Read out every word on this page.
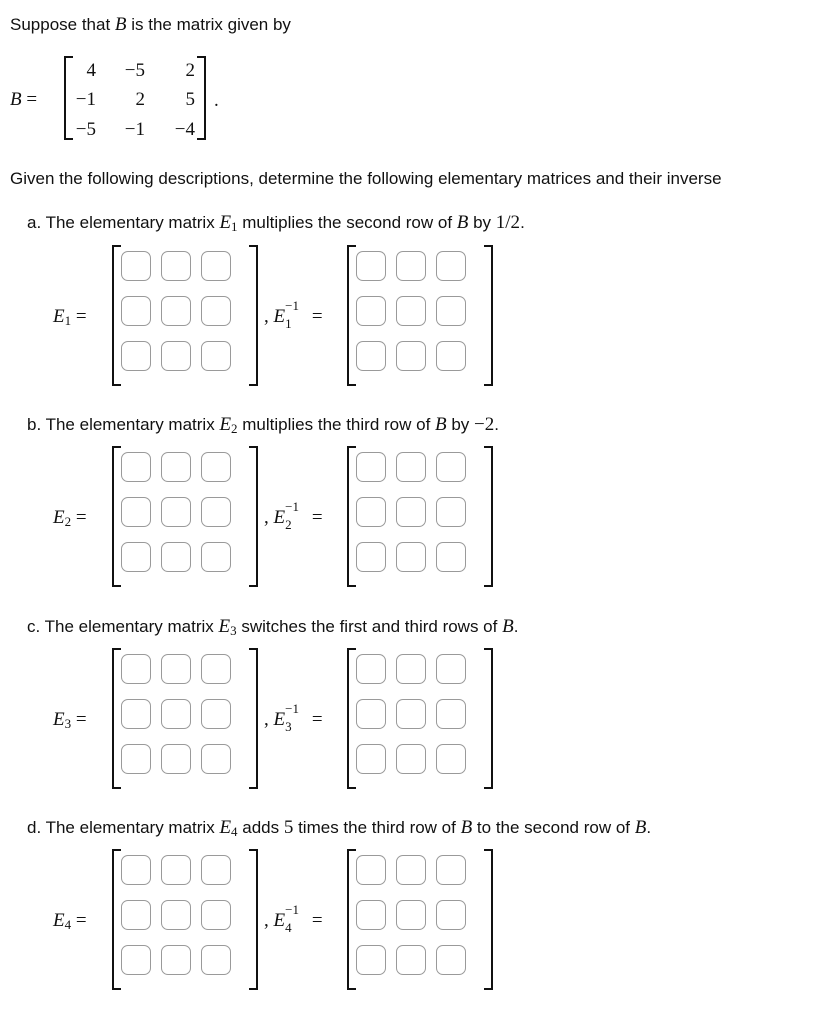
Suppose that B is the matrix given by
B =
4	−5	2
−1	2	5
−5	−1	−4
.
Given the following descriptions, determine the following elementary matrices and their inverse
a. The elementary matrix $E_1$ multiplies the second row of B by 1/2.
$E_1$ =	, E
−1
1 =
b. The elementary matrix $E_2$ multiplies the third row of B by −2.
$E_2$ =	, E
−1
2 =
c. The elementary matrix $E_3$ switches the first and third rows of B.
$E_3$ =	, E
−1
3 =
d. The elementary matrix $E_4$ adds 5 times the third row of B to the second row of B.
$E_4$ =	, E
−1
4 =
